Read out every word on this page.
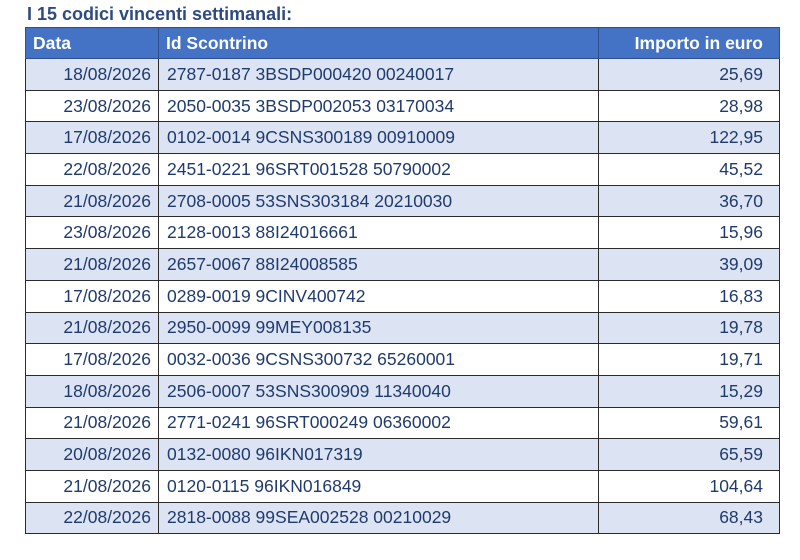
I 15 codici vincenti settimanali:
Data	Id Scontrino	Importo in euro
18/08/2026	2787-0187 3BSDP000420 00240017	25,69
23/08/2026	2050-0035 3BSDP002053 03170034	28,98
17/08/2026	0102-0014 9CSNS300189 00910009	122,95
22/08/2026	2451-0221 96SRT001528 50790002	45,52
21/08/2026	2708-0005 53SNS303184 20210030	36,70
23/08/2026	2128-0013 88I24016661	15,96
21/08/2026	2657-0067 88I24008585	39,09
17/08/2026	0289-0019 9CINV400742	16,83
21/08/2026	2950-0099 99MEY008135	19,78
17/08/2026	0032-0036 9CSNS300732 65260001	19,71
18/08/2026	2506-0007 53SNS300909 11340040	15,29
21/08/2026	2771-0241 96SRT000249 06360002	59,61
20/08/2026	0132-0080 96IKN017319	65,59
21/08/2026	0120-0115 96IKN016849	104,64
22/08/2026	2818-0088 99SEA002528 00210029	68,43
